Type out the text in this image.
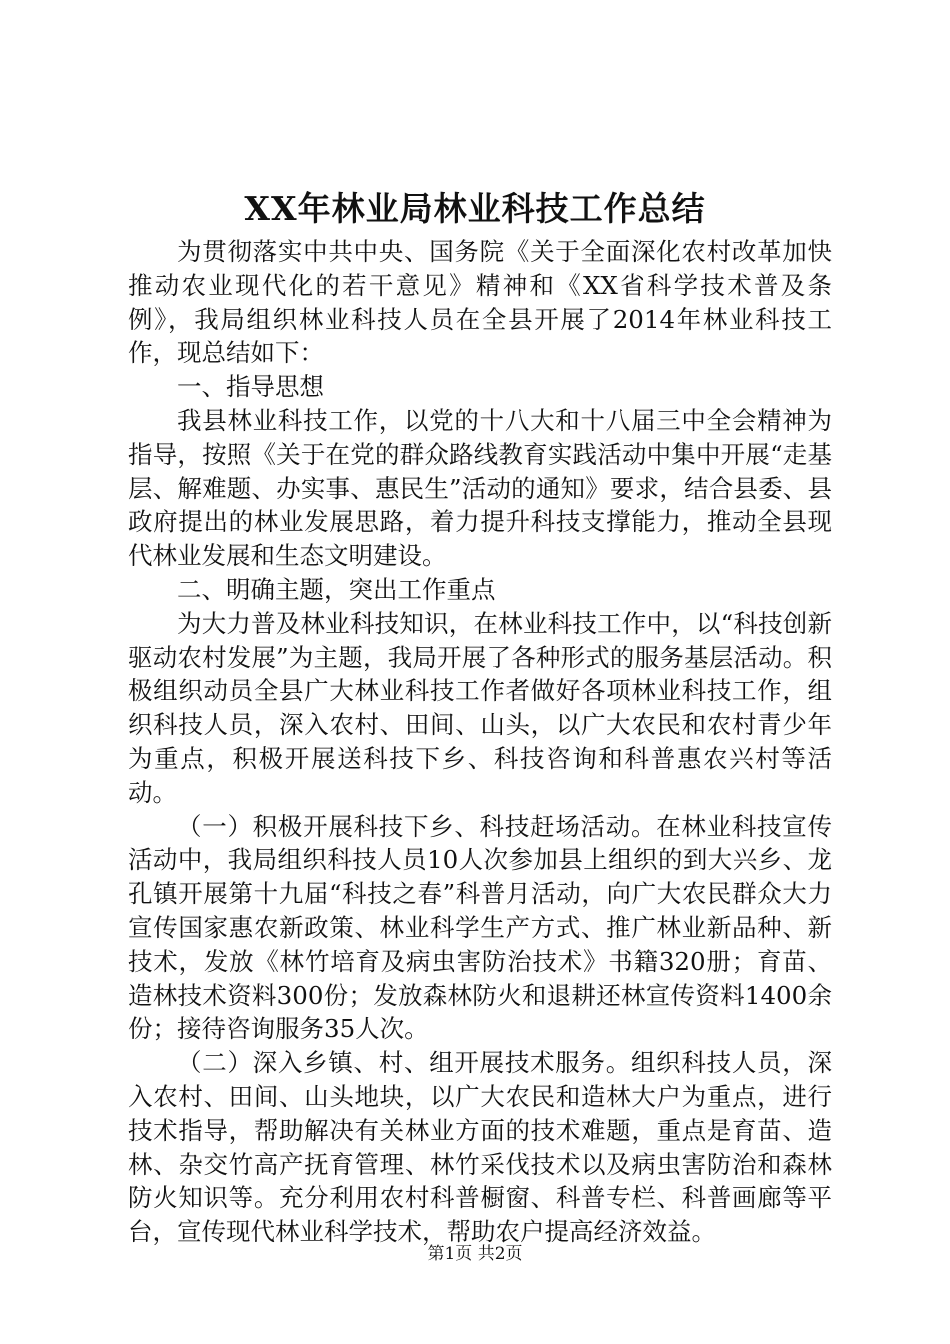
XX年林业局林业科技工作总结

为贯彻落实中共中央、国务院《关于全面深化农村改革加快推动农业现代化的若干意见》精神和《XX省科学技术普及条例》，我局组织林业科技人员在全县开展了2014年林业科技工作，现总结如下：

一、指导思想

我县林业科技工作，以党的十八大和十八届三中全会精神为指导，按照《关于在党的群众路线教育实践活动中集中开展“走基层、解难题、办实事、惠民生”活动的通知》要求，结合县委、县政府提出的林业发展思路，着力提升科技支撑能力，推动全县现代林业发展和生态文明建设。

二、明确主题，突出工作重点

为大力普及林业科技知识，在林业科技工作中，以“科技创新驱动农村发展”为主题，我局开展了各种形式的服务基层活动。积极组织动员全县广大林业科技工作者做好各项林业科技工作，组织科技人员，深入农村、田间、山头，以广大农民和农村青少年为重点，积极开展送科技下乡、科技咨询和科普惠农兴村等活动。

（一）积极开展科技下乡、科技赶场活动。在林业科技宣传活动中，我局组织科技人员10人次参加县上组织的到大兴乡、龙孔镇开展第十九届“科技之春”科普月活动，向广大农民群众大力宣传国家惠农新政策、林业科学生产方式、推广林业新品种、新技术，发放《林竹培育及病虫害防治技术》书籍320册；育苗、造林技术资料300份；发放森林防火和退耕还林宣传资料1400余份；接待咨询服务35人次。

（二）深入乡镇、村、组开展技术服务。组织科技人员，深入农村、田间、山头地块，以广大农民和造林大户为重点，进行技术指导，帮助解决有关林业方面的技术难题，重点是育苗、造林、杂交竹高产抚育管理、林竹采伐技术以及病虫害防治和森林防火知识等。充分利用农村科普橱窗、科普专栏、科普画廊等平台，宣传现代林业科学技术，帮助农户提高经济效益。

第1页 共2页
